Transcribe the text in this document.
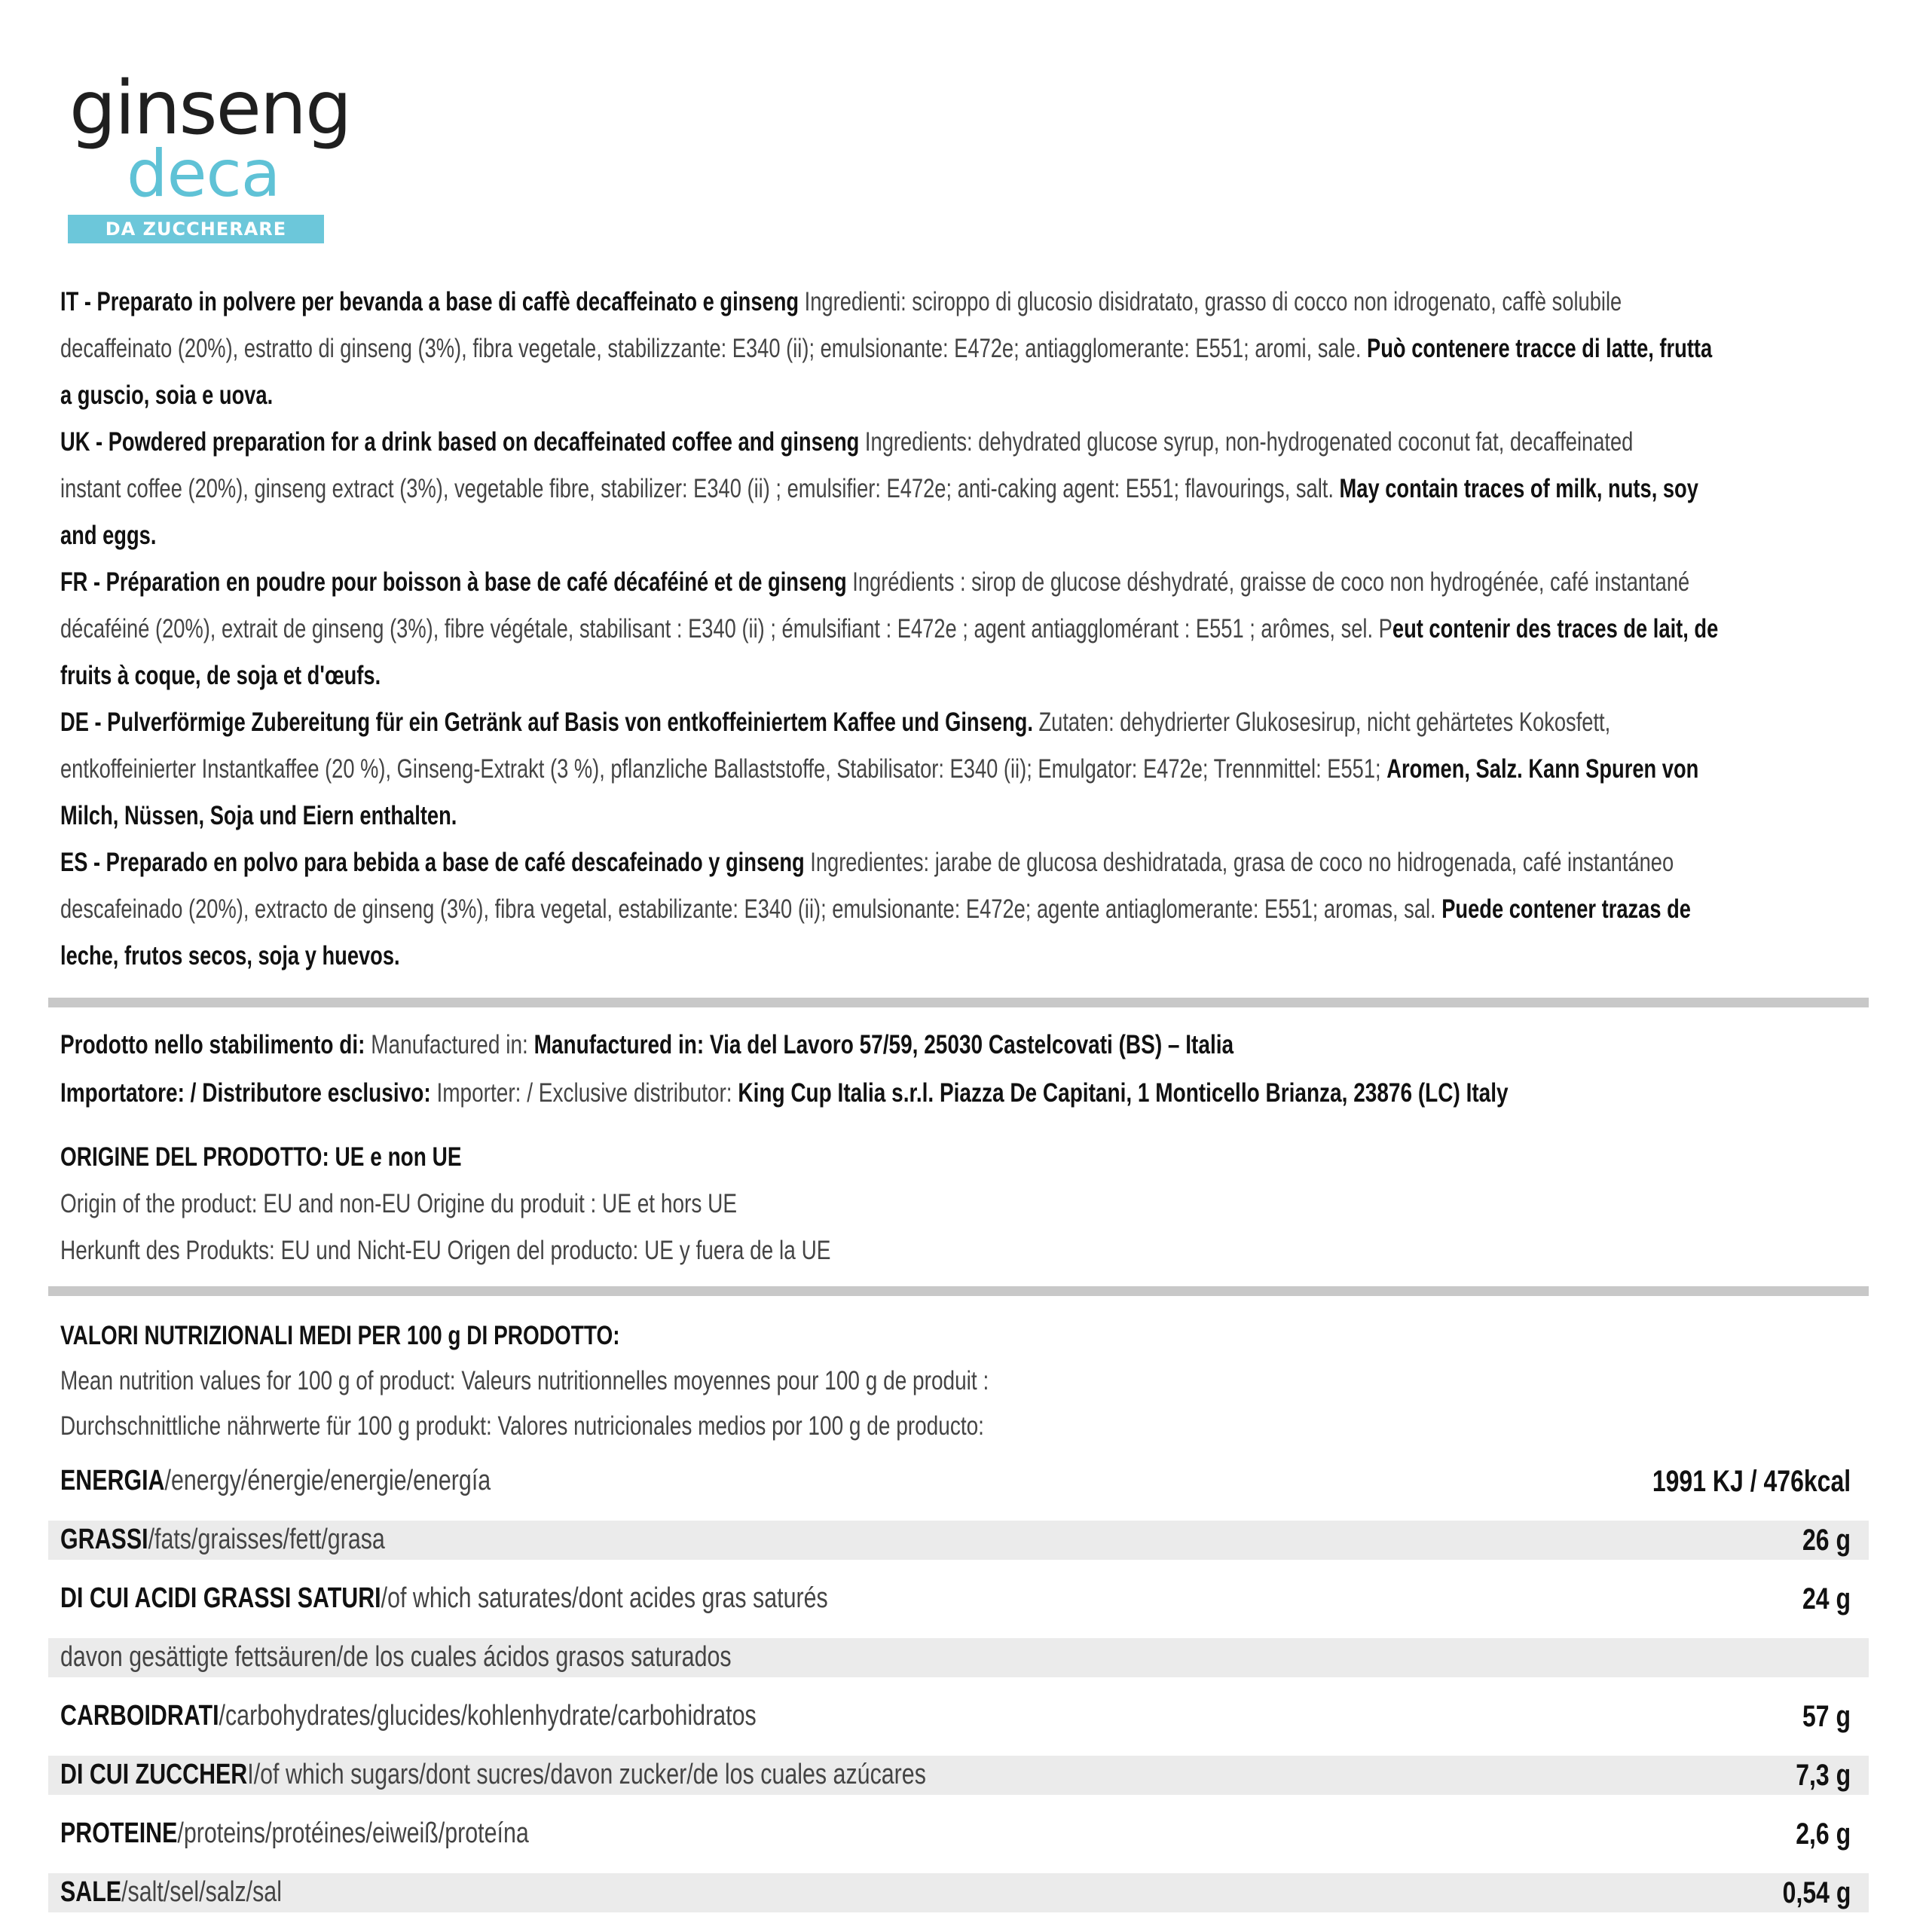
ginseng
deca
DA ZUCCHERARE
IT - Preparato in polvere per bevanda a base di caffè decaffeinato e ginseng Ingredienti: sciroppo di glucosio disidratato, grasso di cocco non idrogenato, caffè solubile
decaffeinato (20%), estratto di ginseng (3%), fibra vegetale, stabilizzante: E340 (ii); emulsionante: E472e; antiagglomerante: E551; aromi, sale. Può contenere tracce di latte, frutta
a guscio, soia e uova.
UK - Powdered preparation for a drink based on decaffeinated coffee and ginseng Ingredients: dehydrated glucose syrup, non-hydrogenated coconut fat, decaffeinated
instant coffee (20%), ginseng extract (3%), vegetable fibre, stabilizer: E340 (ii) ; emulsifier: E472e; anti-caking agent: E551; flavourings, salt. May contain traces of milk, nuts, soy
and eggs.
FR - Préparation en poudre pour boisson à base de café décaféiné et de ginseng Ingrédients : sirop de glucose déshydraté, graisse de coco non hydrogénée, café instantané
décaféiné (20%), extrait de ginseng (3%), fibre végétale, stabilisant : E340 (ii) ; émulsifiant : E472e ; agent antiagglomérant : E551 ; arômes, sel. Peut contenir des traces de lait, de
fruits à coque, de soja et d'œufs.
DE - Pulverförmige Zubereitung für ein Getränk auf Basis von entkoffeiniertem Kaffee und Ginseng. Zutaten: dehydrierter Glukosesirup, nicht gehärtetes Kokosfett,
entkoffeinierter Instantkaffee (20 %), Ginseng-Extrakt (3 %), pflanzliche Ballaststoffe, Stabilisator: E340 (ii); Emulgator: E472e; Trennmittel: E551; Aromen, Salz. Kann Spuren von
Milch, Nüssen, Soja und Eiern enthalten.
ES - Preparado en polvo para bebida a base de café descafeinado y ginseng Ingredientes: jarabe de glucosa deshidratada, grasa de coco no hidrogenada, café instantáneo
descafeinado (20%), extracto de ginseng (3%), fibra vegetal, estabilizante: E340 (ii); emulsionante: E472e; agente antiaglomerante: E551; aromas, sal. Puede contener trazas de
leche, frutos secos, soja y huevos.
Prodotto nello stabilimento di: Manufactured in: Manufactured in: Via del Lavoro 57/59, 25030 Castelcovati (BS) – Italia
Importatore: / Distributore esclusivo: Importer: / Exclusive distributor: King Cup Italia s.r.l. Piazza De Capitani, 1 Monticello Brianza, 23876 (LC) Italy
ORIGINE DEL PRODOTTO: UE e non UE
Origin of the product: EU and non-EU Origine du produit : UE et hors UE
Herkunft des Produkts: EU und Nicht-EU Origen del producto: UE y fuera de la UE
VALORI NUTRIZIONALI MEDI PER 100 g DI PRODOTTO:
Mean nutrition values for 100 g of product: Valeurs nutritionnelles moyennes pour 100 g de produit :
Durchschnittliche nährwerte für 100 g produkt: Valores nutricionales medios por 100 g de producto:
ENERGIA/energy/énergie/energie/energía	1991 KJ / 476kcal
GRASSI/fats/graisses/fett/grasa	26 g
DI CUI ACIDI GRASSI SATURI/of which saturates/dont acides gras saturés	24 g
davon gesättigte fettsäuren/de los cuales ácidos grasos saturados
CARBOIDRATI/carbohydrates/glucides/kohlenhydrate/carbohidratos	57 g
DI CUI ZUCCHERI/of which sugars/dont sucres/davon zucker/de los cuales azúcares	7,3 g
PROTEINE/proteins/protéines/eiweiß/proteína	2,6 g
SALE/salt/sel/salz/sal	0,54 g
